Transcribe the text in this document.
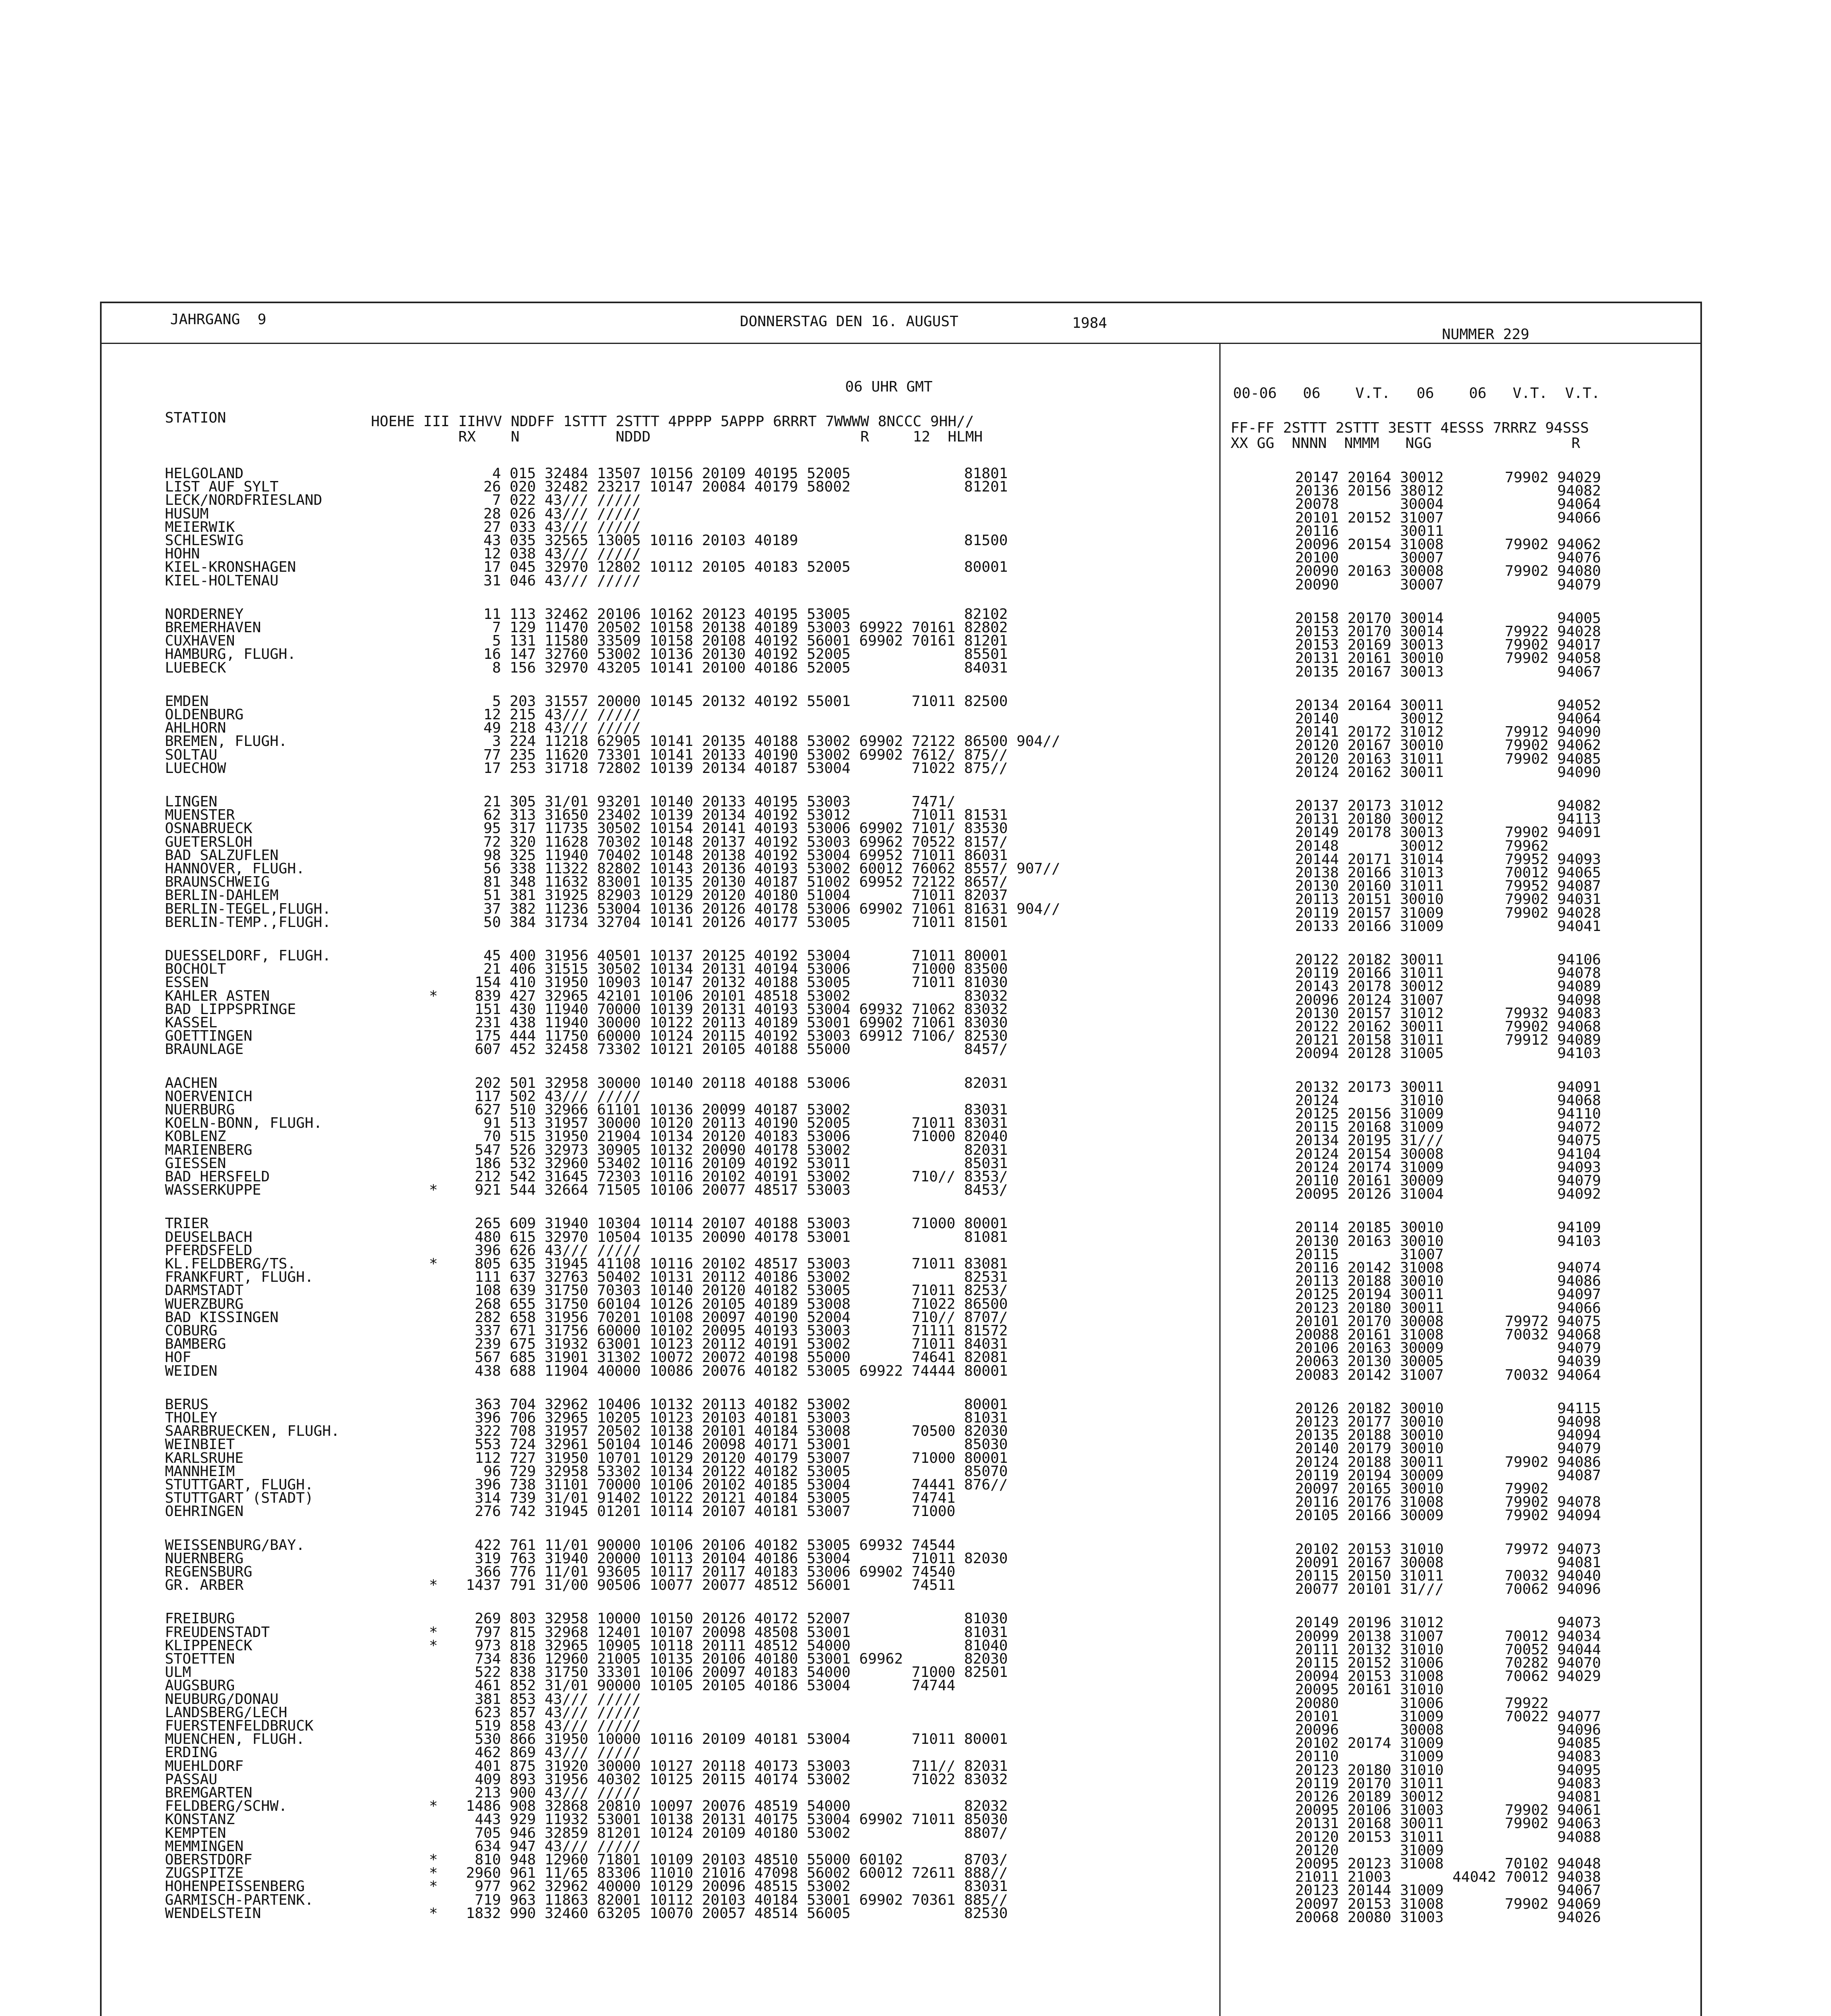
JAHRGANG  9	DONNERSTAG DEN 16. AUGUST	1984
NUMMER 229
06 UHR GMT	00-06   06    V.T.   06    06   V.T.  V.T.
STATION	HOEHE III IIHVV NDDFF 1STTT 2STTT 4PPPP 5APPP 6RRRT 7WWWW 8NCCC 9HH//
RX    N           NDDD                        R     12  HLMH
FF-FF 2STTT 2STTT 3ESTT 4ESSS 7RRRZ 94SSS
XX GG  NNNN  NMMM   NGG                R
HELGOLAND	4 015 32484 13507 10156 20109 40195 52005             81801	20147 20164 30012       79902 94029
LIST AUF SYLT	26 020 32482 23217 10147 20084 40179 58002             81201	20136 20156 38012             94082
LECK/NORDFRIESLAND	7 022 43/// /////	20078       30004             94064
HUSUM	28 026 43/// /////	20101 20152 31007             94066
MEIERWIK	27 033 43/// /////	20116       30011
SCHLESWIG	43 035 32565 13005 10116 20103 40189                   81500	20096 20154 31008       79902 94062
HOHN	12 038 43/// /////	20100       30007             94076
KIEL-KRONSHAGEN	17 045 32970 12802 10112 20105 40183 52005             80001	20090 20163 30008       79902 94080
KIEL-HOLTENAU	31 046 43/// /////	20090       30007             94079
NORDERNEY	11 113 32462 20106 10162 20123 40195 53005             82102	20158 20170 30014             94005
BREMERHAVEN	7 129 11470 20502 10158 20138 40189 53003 69922 70161 82802	20153 20170 30014       79922 94028
CUXHAVEN	5 131 11580 33509 10158 20108 40192 56001 69902 70161 81201	20153 20169 30013       79902 94017
HAMBURG, FLUGH.	16 147 32760 53002 10136 20130 40192 52005             85501	20131 20161 30010       79902 94058
LUEBECK	8 156 32970 43205 10141 20100 40186 52005             84031	20135 20167 30013             94067
EMDEN	5 203 31557 20000 10145 20132 40192 55001       71011 82500	20134 20164 30011             94052
OLDENBURG	12 215 43/// /////	20140       30012             94064
AHLHORN	49 218 43/// /////	20141 20172 31012       79912 94090
BREMEN, FLUGH.	3 224 11218 62905 10141 20135 40188 53002 69902 72122 86500 904//	20120 20167 30010       79902 94062
SOLTAU	77 235 11620 73301 10141 20133 40190 53002 69902 7612/ 875//	20120 20163 31011       79902 94085
LUECHOW	17 253 31718 72802 10139 20134 40187 53004       71022 875//	20124 20162 30011             94090
LINGEN	21 305 31/01 93201 10140 20133 40195 53003       7471/	20137 20173 31012             94082
MUENSTER	62 313 31650 23402 10139 20134 40192 53012       71011 81531	20131 20180 30012             94113
OSNABRUECK	95 317 11735 30502 10154 20141 40193 53006 69902 7101/ 83530	20149 20178 30013       79902 94091
GUETERSLOH	72 320 11628 70302 10148 20137 40192 53003 69962 70522 8157/	20148       30012       79962
BAD SALZUFLEN	98 325 11940 70402 10148 20138 40192 53004 69952 71011 86031	20144 20171 31014       79952 94093
HANNOVER, FLUGH.	56 338 11322 82802 10143 20136 40193 53002 60012 76062 8557/ 907//	20138 20166 31013       70012 94065
BRAUNSCHWEIG	81 348 11632 83001 10135 20130 40187 51002 69952 72122 8657/	20130 20160 31011       79952 94087
BERLIN-DAHLEM	51 381 31925 82903 10129 20120 40180 51004       71011 82037	20113 20151 30010       79902 94031
BERLIN-TEGEL,FLUGH.	37 382 11236 53004 10136 20126 40178 53006 69902 71061 81631 904//	20119 20157 31009       79902 94028
BERLIN-TEMP.,FLUGH.	50 384 31734 32704 10141 20126 40177 53005       71011 81501	20133 20166 31009             94041
DUESSELDORF, FLUGH.	45 400 31956 40501 10137 20125 40192 53004       71011 80001	20122 20182 30011             94106
BOCHOLT	21 406 31515 30502 10134 20131 40194 53006       71000 83500	20119 20166 31011             94078
ESSEN	154 410 31950 10903 10147 20132 40188 53005       71011 81030	20143 20178 30012             94089
KAHLER ASTEN	* 839 427 32965 42101 10106 20101 48518 53002             83032	20096 20124 31007             94098
BAD LIPPSPRINGE	151 430 11940 70000 10139 20131 40193 53004 69932 71062 83032	20130 20157 31012       79932 94083
KASSEL	231 438 11940 30000 10122 20113 40189 53001 69902 71061 83030	20122 20162 30011       79902 94068
GOETTINGEN	175 444 11750 60000 10124 20115 40192 53003 69912 7106/ 82530	20121 20158 31011       79912 94089
BRAUNLAGE	607 452 32458 73302 10121 20105 40188 55000             8457/	20094 20128 31005             94103
AACHEN	202 501 32958 30000 10140 20118 40188 53006             82031	20132 20173 30011             94091
NOERVENICH	117 502 43/// /////	20124       31010             94068
NUERBURG	627 510 32966 61101 10136 20099 40187 53002             83031	20125 20156 31009             94110
KOELN-BONN, FLUGH.	91 513 31957 30000 10120 20113 40190 52005       71011 83031	20115 20168 31009             94072
KOBLENZ	70 515 31950 21904 10134 20120 40183 53006       71000 82040	20134 20195 31///             94075
MARIENBERG	547 526 32973 30905 10132 20090 40178 53002             82031	20124 20154 30008             94104
GIESSEN	186 532 32960 53402 10116 20109 40192 53011             85031	20124 20174 31009             94093
BAD HERSFELD	212 542 31645 72303 10116 20102 40191 53002       710// 8353/	20110 20161 30009             94079
WASSERKUPPE	* 921 544 32664 71505 10106 20077 48517 53003             8453/	20095 20126 31004             94092
TRIER	265 609 31940 10304 10114 20107 40188 53003       71000 80001	20114 20185 30010             94109
DEUSELBACH	480 615 32970 10504 10135 20090 40178 53001             81081	20130 20163 30010             94103
PFERDSFELD	396 626 43/// /////	20115       31007
KL.FELDBERG/TS.	* 805 635 31945 41108 10116 20102 48517 53003       71011 83081	20116 20142 31008             94074
FRANKFURT, FLUGH.	111 637 32763 50402 10131 20112 40186 53002             82531	20113 20188 30010             94086
DARMSTADT	108 639 31750 70303 10140 20120 40182 53005       71011 8253/	20125 20194 30011             94097
WUERZBURG	268 655 31750 60104 10126 20105 40189 53008       71022 86500	20123 20180 30011             94066
BAD KISSINGEN	282 658 31956 70201 10108 20097 40190 52004       710// 8707/	20101 20170 30008       79972 94075
COBURG	337 671 31756 60000 10102 20095 40193 53003       71111 81572	20088 20161 31008       70032 94068
BAMBERG	239 675 31932 63001 10123 20112 40191 53002       71011 84031	20106 20163 30009             94079
HOF	567 685 31901 31302 10072 20072 40198 55000       74641 82081	20063 20130 30005             94039
WEIDEN	438 688 11904 40000 10086 20076 40182 53005 69922 74444 80001	20083 20142 31007       70032 94064
BERUS	363 704 32962 10406 10132 20113 40182 53002             80001	20126 20182 30010             94115
THOLEY	396 706 32965 10205 10123 20103 40181 53003             81031	20123 20177 30010             94098
SAARBRUECKEN, FLUGH.	322 708 31957 20502 10138 20101 40184 53008       70500 82030	20135 20188 30010             94094
WEINBIET	553 724 32961 50104 10146 20098 40171 53001             85030	20140 20179 30010             94079
KARLSRUHE	112 727 31950 10701 10129 20120 40179 53007       71000 80001	20124 20188 30011       79902 94086
MANNHEIM	96 729 32958 53302 10134 20122 40182 53005             85070	20119 20194 30009             94087
STUTTGART, FLUGH.	396 738 31101 70000 10106 20102 40185 53004       74441 876//	20097 20165 30010       79902
STUTTGART (STADT)	314 739 31/01 91402 10122 20121 40184 53005       74741	20116 20176 31008       79902 94078
OEHRINGEN	276 742 31945 01201 10114 20107 40181 53007       71000	20105 20166 30009       79902 94094
WEISSENBURG/BAY.	422 761 11/01 90000 10106 20106 40182 53005 69932 74544	20102 20153 31010       79972 94073
NUERNBERG	319 763 31940 20000 10113 20104 40186 53004       71011 82030	20091 20167 30008             94081
REGENSBURG	366 776 11/01 93605 10117 20117 40183 53006 69902 74540	20115 20150 31011       70032 94040
GR. ARBER	* 1437 791 31/00 90506 10077 20077 48512 56001       74511	20077 20101 31///       70062 94096
FREIBURG	269 803 32958 10000 10150 20126 40172 52007             81030	20149 20196 31012             94073
FREUDENSTADT	* 797 815 32968 12401 10107 20098 48508 53001             81031	20099 20138 31007       70012 94034
KLIPPENECK	* 973 818 32965 10905 10118 20111 48512 54000             81040	20111 20132 31010       70052 94044
STOETTEN	734 836 12960 21005 10135 20106 40180 53001 69962       82030	20115 20152 31006       70282 94070
ULM	522 838 31750 33301 10106 20097 40183 54000       71000 82501	20094 20153 31008       70062 94029
AUGSBURG	461 852 31/01 90000 10105 20105 40186 53004       74744	20095 20161 31010
NEUBURG/DONAU	381 853 43/// /////	20080       31006       79922
LANDSBERG/LECH	623 857 43/// /////	20101       31009       70022 94077
FUERSTENFELDBRUCK	519 858 43/// /////	20096       30008             94096
MUENCHEN, FLUGH.	530 866 31950 10000 10116 20109 40181 53004       71011 80001	20102 20174 31009             94085
ERDING	462 869 43/// /////	20110       31009             94083
MUEHLDORF	401 875 31920 30000 10127 20118 40173 53003       711// 82031	20123 20180 31010             94095
PASSAU	409 893 31956 40302 10125 20115 40174 53002       71022 83032	20119 20170 31011             94083
BREMGARTEN	213 900 43/// /////	20126 20189 30012             94081
FELDBERG/SCHW.	* 1486 908 32868 20810 10097 20076 48519 54000             82032	20095 20106 31003       79902 94061
KONSTANZ	443 929 11932 53001 10138 20131 40175 53004 69902 71011 85030	20131 20168 30011       79902 94063
KEMPTEN	705 946 32859 81201 10124 20109 40180 53002             8807/	20120 20153 31011             94088
MEMMINGEN	634 947 43/// /////	20120       31009
OBERSTDORF	* 810 948 12960 71801 10109 20103 48510 55000 60102       8703/	20095 20123 31008       70102 94048
ZUGSPITZE	* 2960 961 11/65 83306 11010 21016 47098 56002 60012 72611 888//	21011 21003       44042 70012 94038
HOHENPEISSENBERG	* 977 962 32962 40000 10129 20096 48515 53002             83031	20123 20144 31009             94067
GARMISCH-PARTENK.	719 963 11863 82001 10112 20103 40184 53001 69902 70361 885//	20097 20153 31008       79902 94069
WENDELSTEIN	* 1832 990 32460 63205 10070 20057 48514 56005             82530	20068 20080 31003             94026
